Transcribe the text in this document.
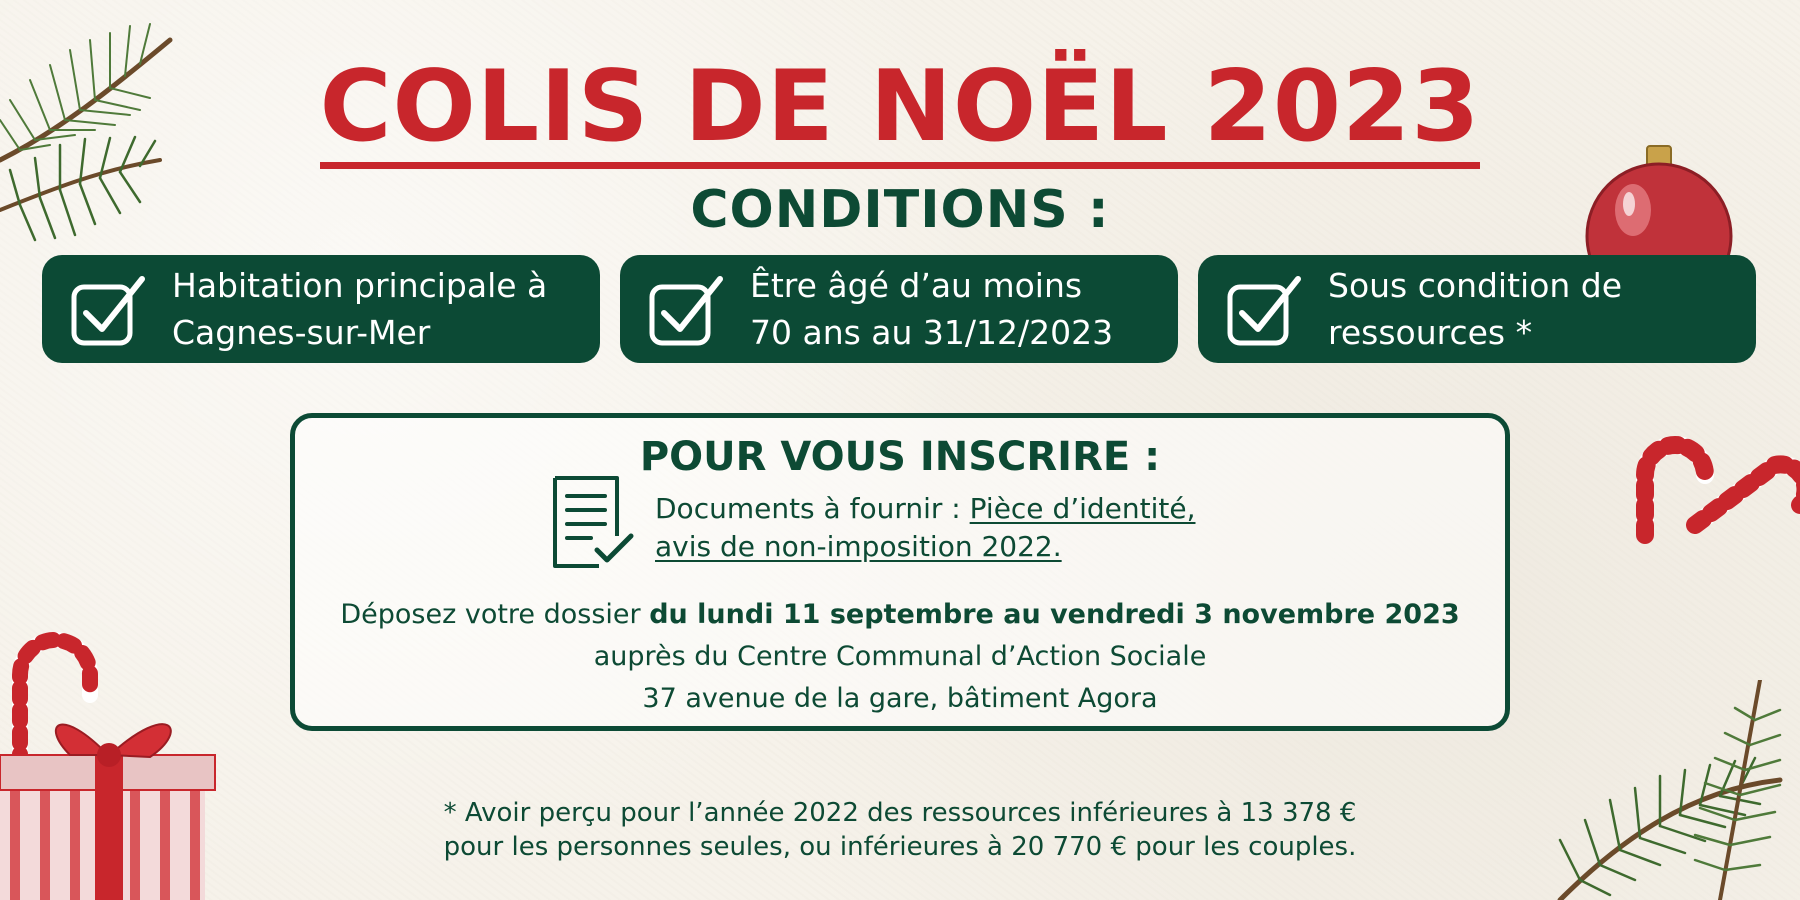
COLIS DE NOËL 2023
CONDITIONS :
Habitation principale à
Cagnes-sur-Mer
Être âgé d’au moins
70 ans au 31/12/2023
Sous condition de
ressources *
POUR VOUS INSCRIRE :
Documents à fournir : Pièce d’identité,
avis de non-imposition 2022.
Déposez votre dossier du lundi 11 septembre au vendredi 3 novembre 2023
auprès du Centre Communal d’Action Sociale
37 avenue de la gare, bâtiment Agora
* Avoir perçu pour l’année 2022 des ressources inférieures à 13 378 €
pour les personnes seules, ou inférieures à 20 770 € pour les couples.
